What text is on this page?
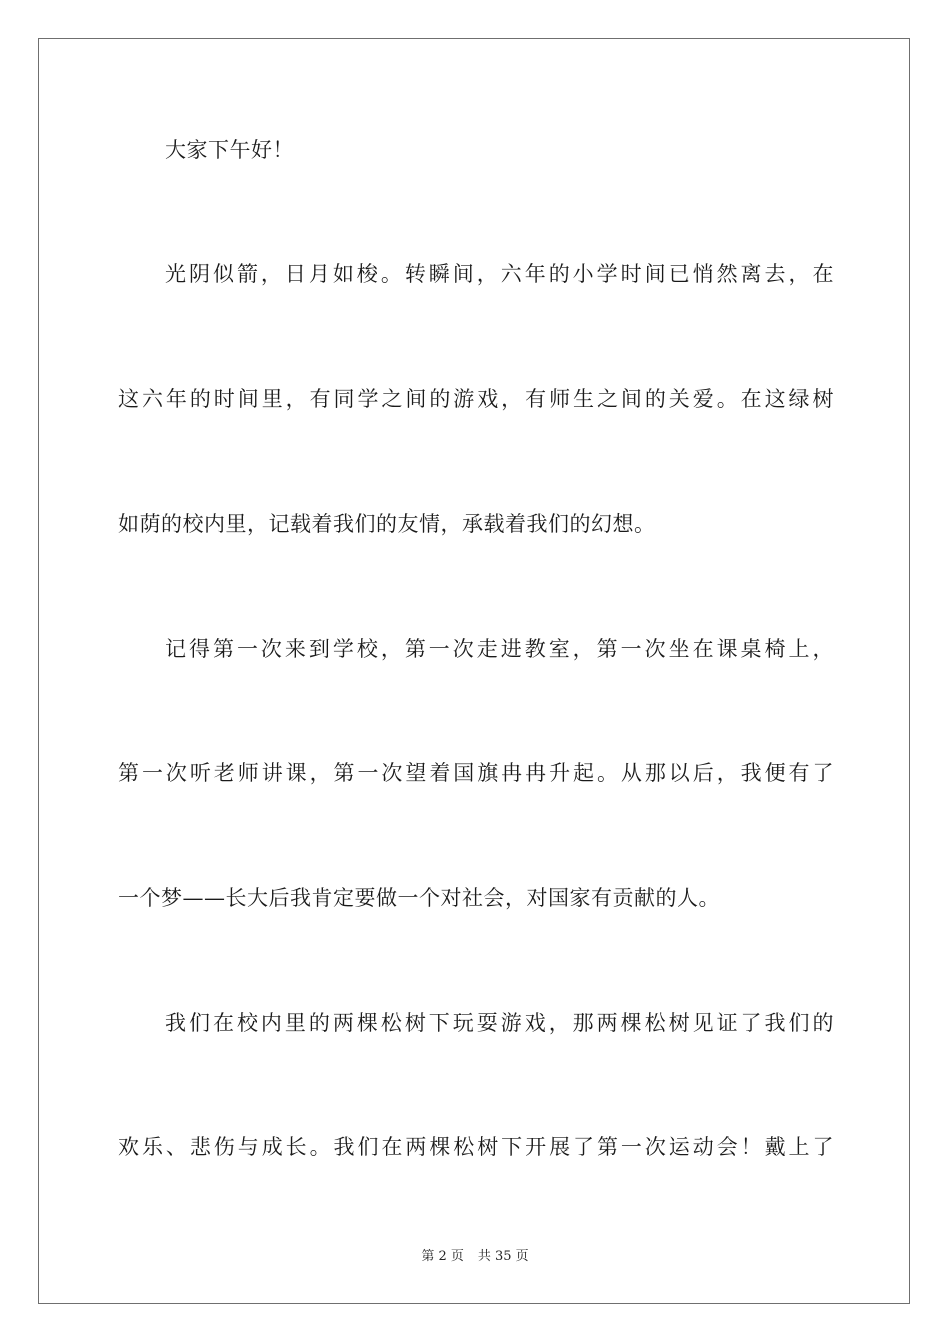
大家下午好！
光阴似箭，日月如梭。转瞬间，六年的小学时间已悄然离去，在
这六年的时间里，有同学之间的游戏，有师生之间的关爱。在这绿树
如荫的校内里，记载着我们的友情，承载着我们的幻想。
记得第一次来到学校，第一次走进教室，第一次坐在课桌椅上，
第一次听老师讲课，第一次望着国旗冉冉升起。从那以后，我便有了
一个梦——长大后我肯定要做一个对社会，对国家有贡献的人。
我们在校内里的两棵松树下玩耍游戏，那两棵松树见证了我们的
欢乐、悲伤与成长。我们在两棵松树下开展了第一次运动会！戴上了
第 2 页 共 35 页
